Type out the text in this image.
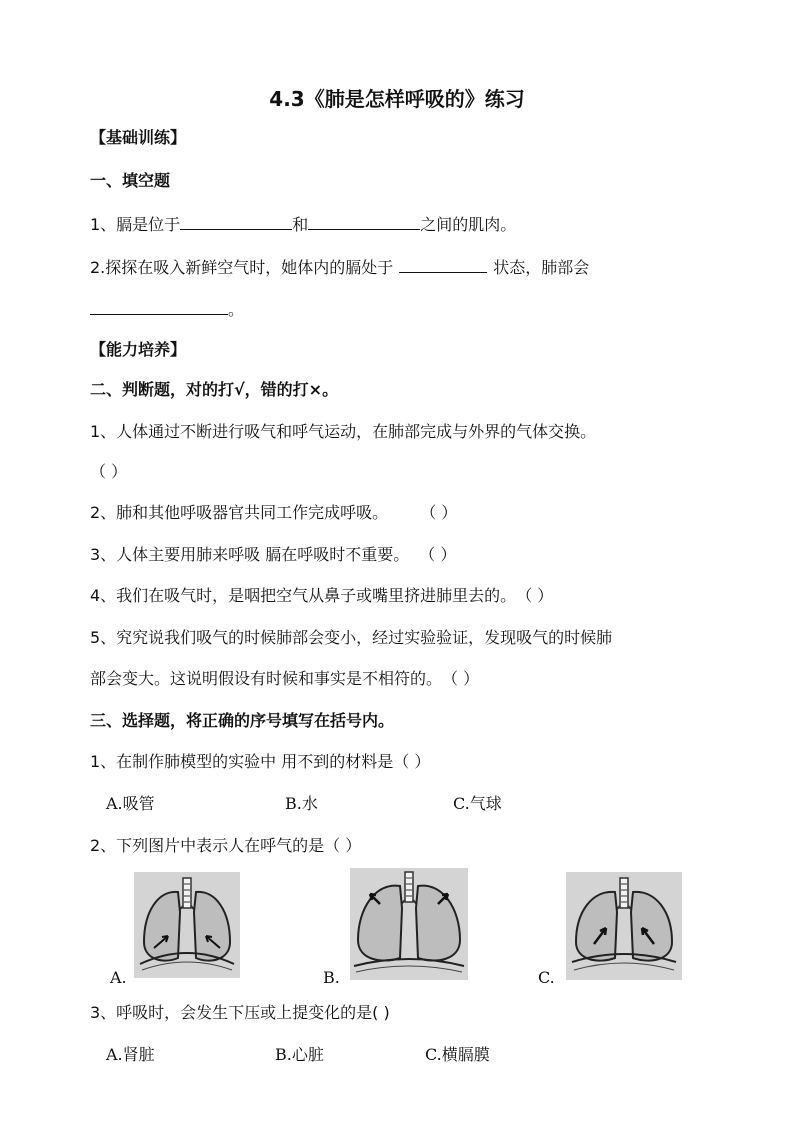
4.3《肺是怎样呼吸的》练习
【基础训练】
一、填空题
1、膈是位于	和	之间的肌肉。
2.探探在吸入新鲜空气时，她体内的膈处于	状态，肺部会
。
【能力培养】
二、判断题，对的打√，错的打×。
1、人体通过不断进行吸气和呼气运动，在肺部完成与外界的气体交换。
（ ）
2、肺和其他呼吸器官共同工作完成呼吸。	（ ）
3、人体主要用肺来呼吸 膈在呼吸时不重要。 （ ）
4、我们在吸气时，是咽把空气从鼻子或嘴里挤进肺里去的。 （ ）
5、究究说我们吸气的时候肺部会变小，经过实验验证，发现吸气的时候肺
部会变大。这说明假设有时候和事实是不相符的。 （ ）
三、选择题，将正确的序号填写在括号内。
1、在制作肺模型的实验中 用不到的材料是（ ）
A.吸管	B.水	C.气球
2、下列图片中表示人在呼气的是（ ）
A.	B.	C.
3、呼吸时，会发生下压或上提变化的是( )
A.肾脏	B.心脏	C.横膈膜
